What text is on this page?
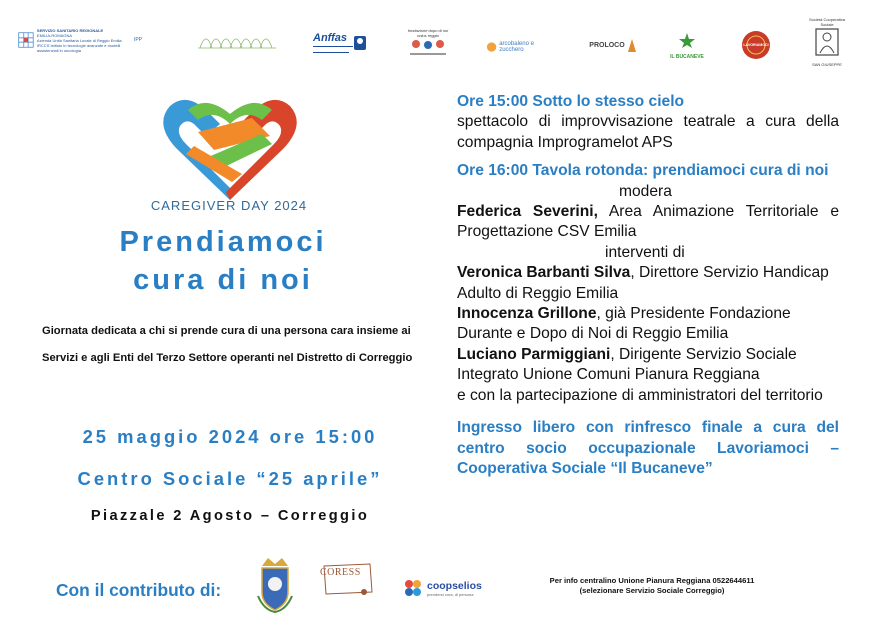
SERVIZIO SANITARIO REGIONALE
EMILIA-ROMAGNA
Azienda Unità Sanitaria Locale di Reggio Emilia
IRCCS Istituto in tecnologie avanzate e modelli assistenziali in oncologia
IPP	Anffas
fondazione dopo di noi
onlus reggio
arcobaleno e zucchero
PROLOCO
IL BUCANEVE
LAVORIAMOCI
Società Cooperativa Sociale
SAN GIUSEPPE
CAREGIVER DAY 2024
Prendiamoci
cura di noi
Giornata dedicata a chi si prende cura di una persona cara insieme ai Servizi e agli Enti del Terzo Settore operanti nel Distretto di Correggio
25 maggio 2024 ore 15:00
Centro Sociale “25 aprile”
Piazzale 2 Agosto – Correggio

Ore 15:00 Sotto lo stesso cielo

spettacolo di improvvisazione teatrale a cura della compagnia Improgramelot APS

Ore 16:00 Tavola rotonda: prendiamoci cura di noi

modera

Federica Severini, Area Animazione Territoriale e Progettazione CSV Emilia

interventi di

Veronica Barbanti Silva, Direttore Servizio Handicap Adulto di Reggio Emilia

Innocenza Grillone, già Presidente Fondazione Durante e Dopo di Noi di Reggio Emilia

Luciano Parmiggiani, Dirigente Servizio Sociale Integrato Unione Comuni Pianura Reggiana

e con la partecipazione di amministratori del territorio

Ingresso libero con rinfresco finale a cura del centro socio occupazionale Lavoriamoci – Cooperativa Sociale “Il Bucaneve”

Con il contributo di:
CORESS
coopselios
prendersi cura, di persona
Per info centralino Unione Pianura Reggiana 0522644611
(selezionare Servizio Sociale Correggio)
